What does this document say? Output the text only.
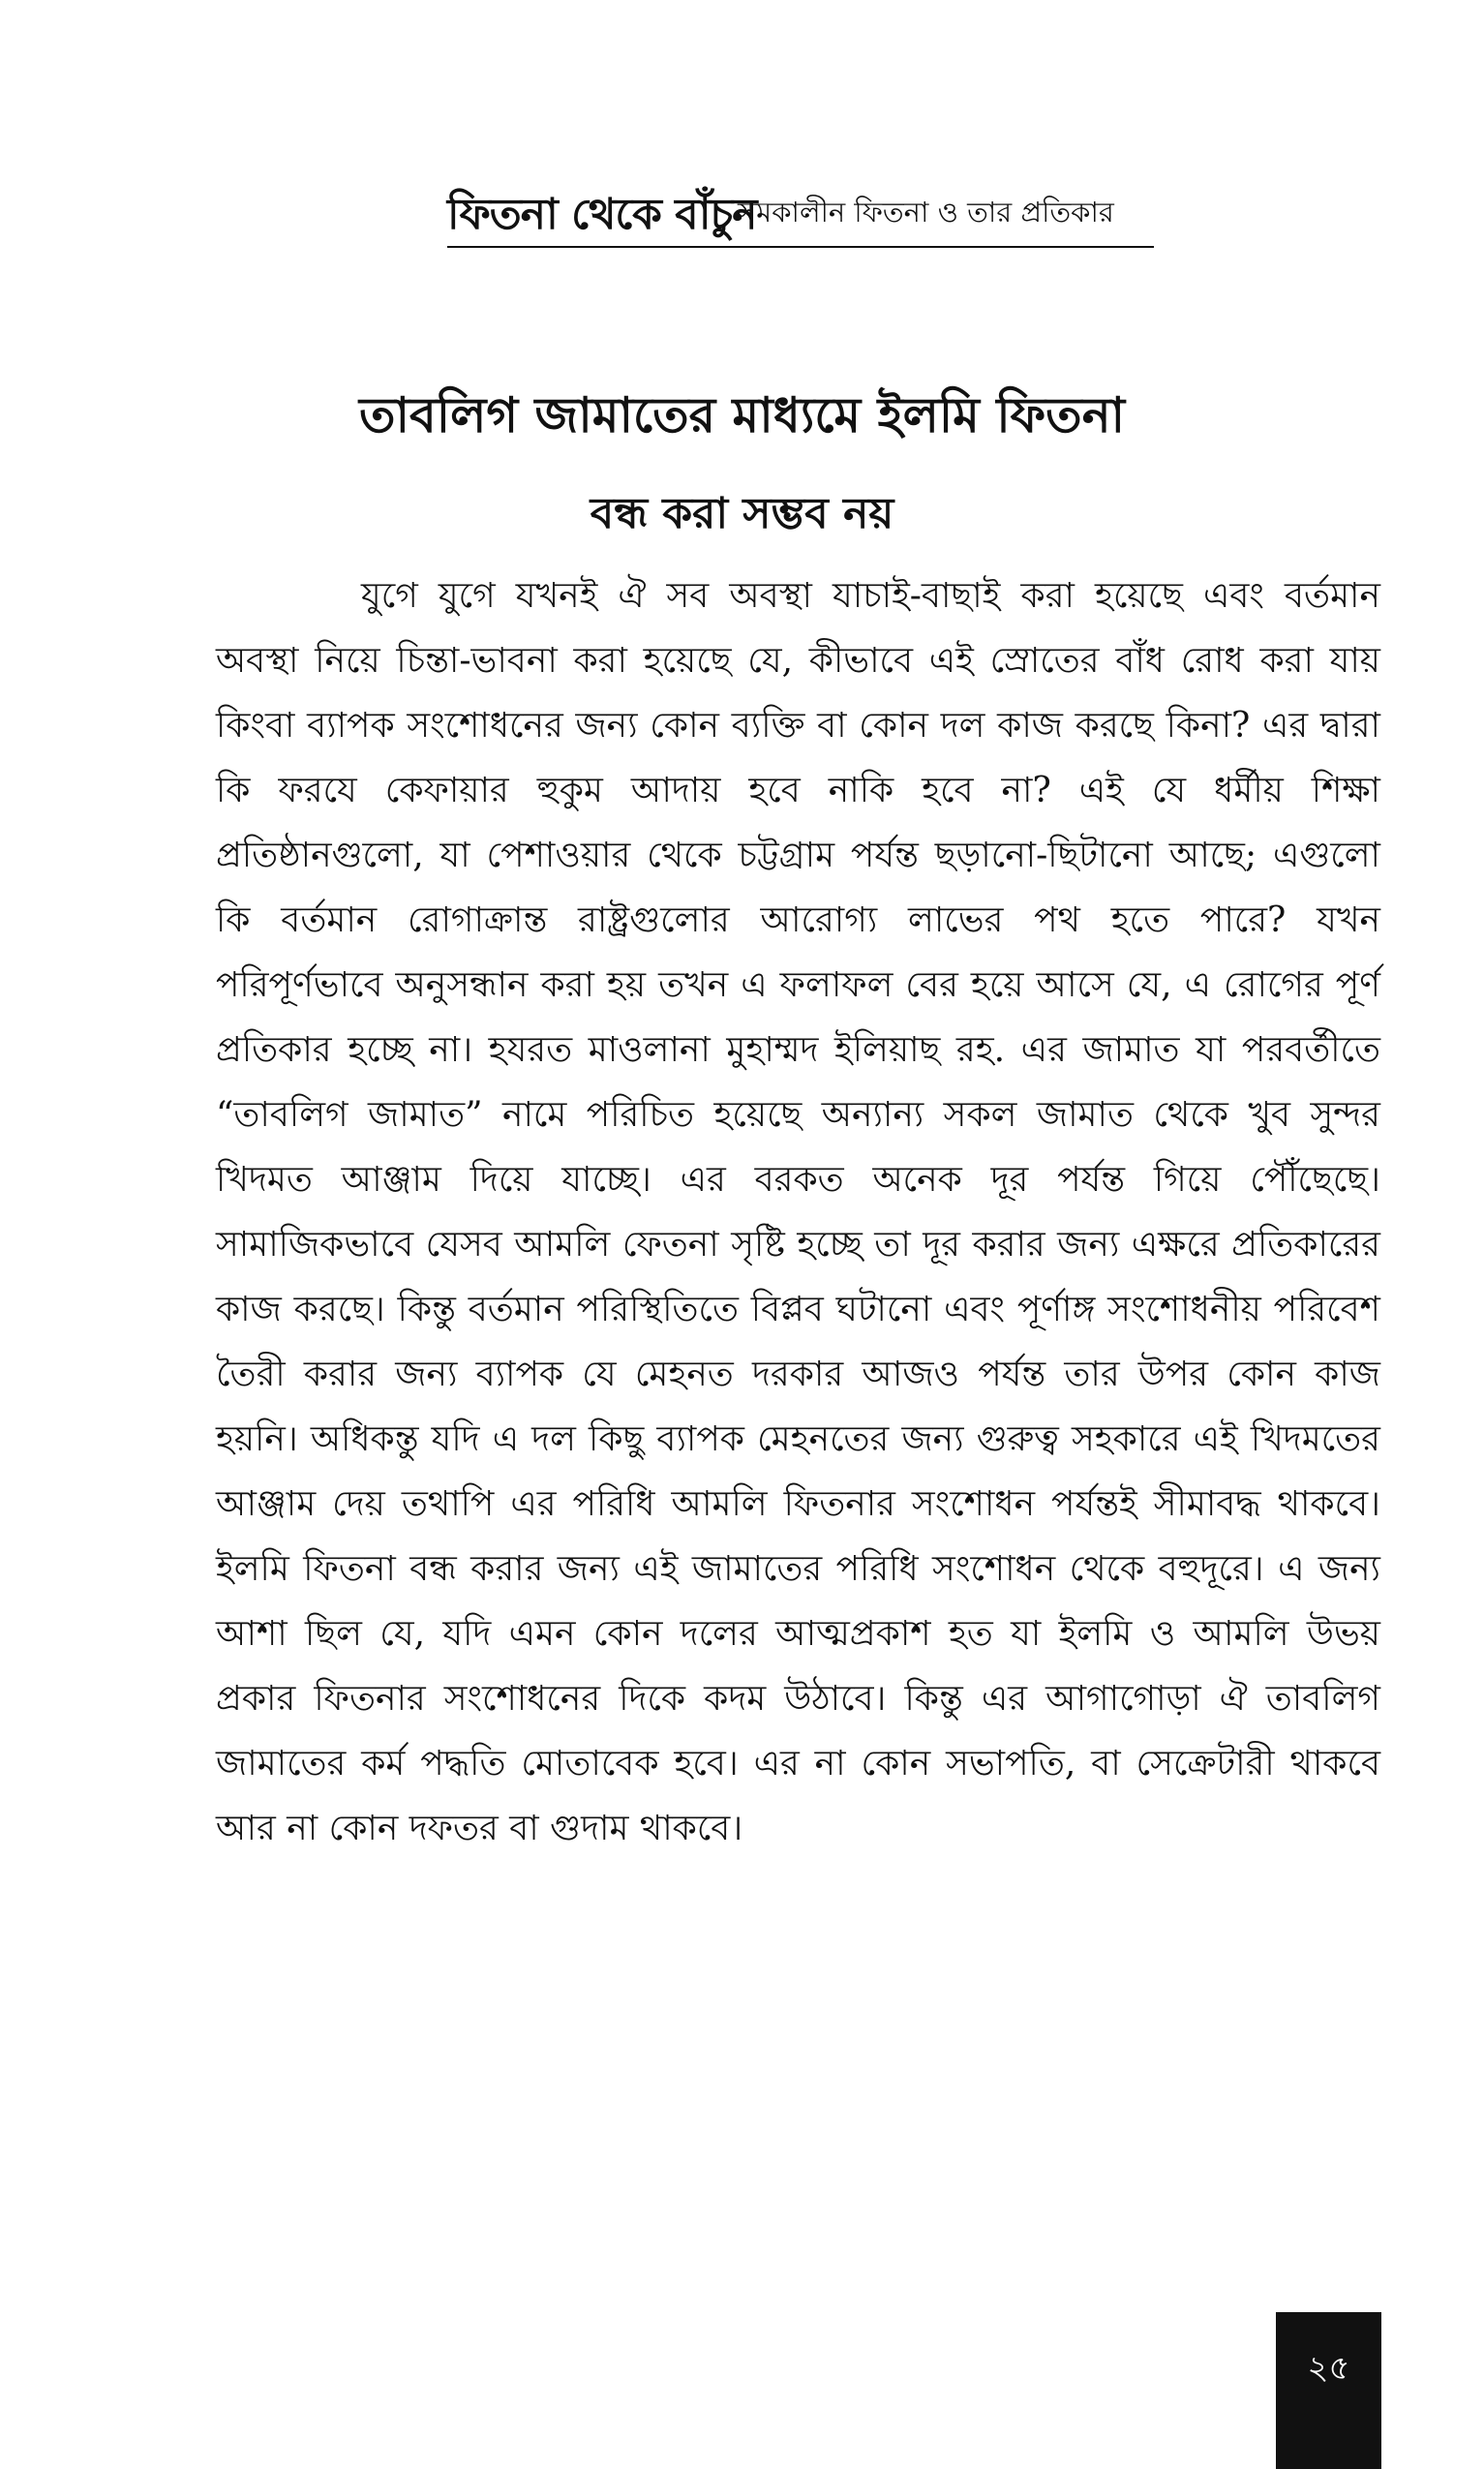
ফিতনা থেকে বাঁচুন
সমকালীন ফিতনা ও তার প্রতিকার
তাবলিগ জামাতের মাধ্যমে ইলমি ফিতনা
বন্ধ করা সম্ভব নয়

যুগে যুগে যখনই ঐ সব অবস্থা যাচাই-বাছাই করা হয়েছে এবং বর্তমান অবস্থা নিয়ে চিন্তা-ভাবনা করা হয়েছে যে, কীভাবে এই স্রোতের বাঁধ রোধ করা যায় কিংবা ব্যাপক সংশোধনের জন্য কোন ব্যক্তি বা কোন দল কাজ করছে কিনা? এর দ্বারা কি ফরযে কেফায়ার হুকুম আদায় হবে নাকি হবে না? এই যে ধর্মীয় শিক্ষা প্রতিষ্ঠানগুলো, যা পেশাওয়ার থেকে চট্টগ্রাম পর্যন্ত ছড়ানো-ছিটানো আছে; এগুলো কি বর্তমান রোগাক্রান্ত রাষ্ট্রগুলোর আরোগ্য লাভের পথ হতে পারে? যখন পরিপূর্ণভাবে অনুসন্ধান করা হয় তখন এ ফলাফল বের হয়ে আসে যে, এ রোগের পূর্ণ প্রতিকার হচ্ছে না। হযরত মাওলানা মুহাম্মদ ইলিয়াছ রহ. এর জামাত যা পরবর্তীতে “তাবলিগ জামাত” নামে পরিচিত হয়েছে অন্যান্য সকল জামাত থেকে খুব সুন্দর খিদমত আঞ্জাম দিয়ে যাচ্ছে। এর বরকত অনেক দূর পর্যন্ত গিয়ে পৌঁছেছে। সামাজিকভাবে যেসব আমলি ফেতনা সৃষ্টি হচ্ছে তা দূর করার জন্য এক্ষরে প্রতিকারের কাজ করছে। কিন্তু বর্তমান পরিস্থিতিতে বিপ্লব ঘটানো এবং পূর্ণাঙ্গ সংশোধনীয় পরিবেশ তৈরী করার জন্য ব্যাপক যে মেহনত দরকার আজও পর্যন্ত তার উপর কোন কাজ হয়নি। অধিকন্তু যদি এ দল কিছু ব্যাপক মেহনতের জন্য গুরুত্ব সহকারে এই খিদমতের আঞ্জাম দেয় তথাপি এর পরিধি আমলি ফিতনার সংশোধন পর্যন্তই সীমাবদ্ধ থাকবে। ইলমি ফিতনা বন্ধ করার জন্য এই জামাতের পরিধি সংশোধন থেকে বহুদূরে। এ জন্য আশা ছিল যে, যদি এমন কোন দলের আত্মপ্রকাশ হত যা ইলমি ও আমলি উভয় প্রকার ফিতনার সংশোধনের দিকে কদম উঠাবে। কিন্তু এর আগাগোড়া ঐ তাবলিগ জামাতের কর্ম পদ্ধতি মোতাবেক হবে। এর না কোন সভাপতি, বা সেক্রেটারী থাকবে আর না কোন দফতর বা গুদাম থাকবে।

২৫
